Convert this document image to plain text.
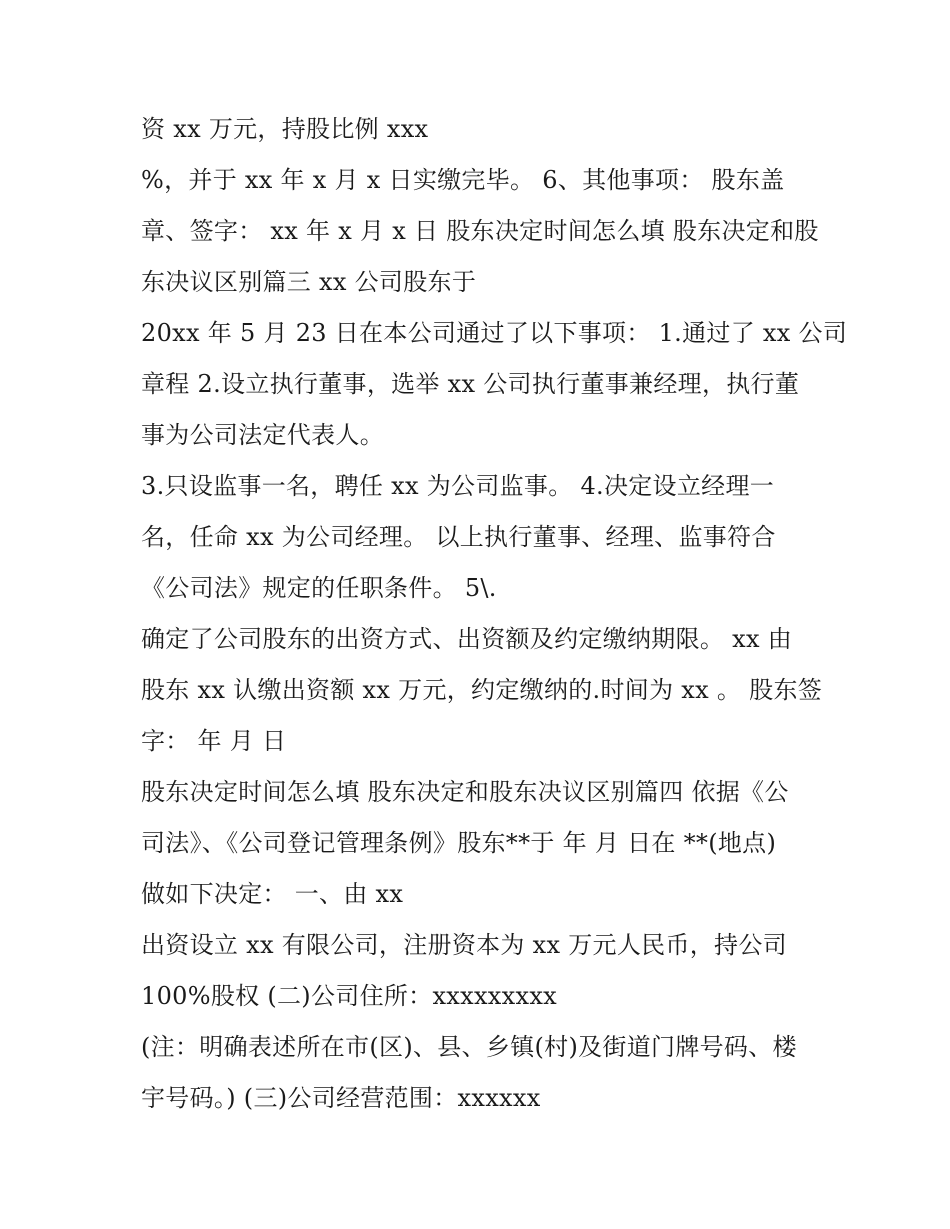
资 xx 万元，持股比例 xxx
%，并于 xx 年 x 月 x 日实缴完毕。 6、其他事项： 股东盖
章、签字： xx 年 x 月 x 日 股东决定时间怎么填 股东决定和股
东决议区别篇三 xx 公司股东于
20xx 年 5 月 23 日在本公司通过了以下事项： 1.通过了 xx 公司
章程 2.设立执行董事，选举 xx 公司执行董事兼经理，执行董
事为公司法定代表人。
3.只设监事一名，聘任 xx 为公司监事。 4.决定设立经理一
名，任命 xx 为公司经理。 以上执行董事、经理、监事符合
《公司法》规定的任职条件。 5\.
确定了公司股东的出资方式、出资额及约定缴纳期限。 xx 由
股东 xx 认缴出资额 xx 万元，约定缴纳的.时间为 xx 。 股东签
字： 年 月 日
股东决定时间怎么填 股东决定和股东决议区别篇四 依据《公
司法》、《公司登记管理条例》股东**于 年 月 日在 **(地点)
做如下决定： 一、由 xx
出资设立 xx 有限公司，注册资本为 xx 万元人民币，持公司
100%股权 (二)公司住所：xxxxxxxxx
(注：明确表述所在市(区)、县、乡镇(村)及街道门牌号码、楼
宇号码。) (三)公司经营范围：xxxxxx
